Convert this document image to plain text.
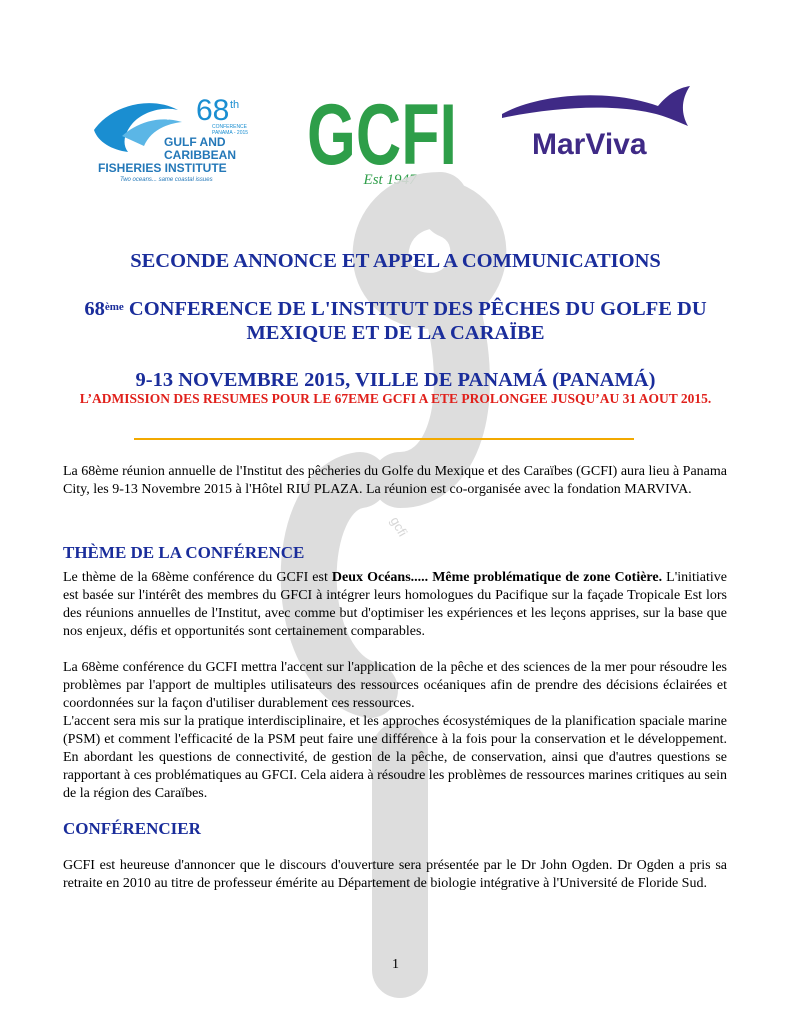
68 th
CONFERENCE
PANAMA - 2015
GULF AND
CARIBBEAN
FISHERIES INSTITUTE
Two oceans... same coastal issues GCFI
Est 1947
MarViva
gcfi
SECONDE ANNONCE ET APPEL A COMMUNICATIONS
68ème CONFERENCE DE L'INSTITUT DES PÊCHES DU GOLFE DU
MEXIQUE ET DE LA CARAÏBE
9-13 NOVEMBRE 2015, VILLE DE PANAMÁ (PANAMÁ)
L’ADMISSION DES RESUMES POUR LE 67EME GCFI A ETE PROLONGEE JUSQU’AU 31 AOUT 2015.

La 68ème réunion annuelle de l'Institut des pêcheries du Golfe du Mexique et des Caraïbes (GCFI) aura lieu à Panama City, les 9-13 Novembre 2015 à l'Hôtel RIU PLAZA. La réunion est co-organisée avec la fondation MARVIVA.

THÈME DE LA CONFÉRENCE

Le thème de la 68ème conférence du GCFI est Deux Océans..... Même problématique de zone Cotière. L'initiative est basée sur l'intérêt des membres du GFCI à intégrer leurs homologues du Pacifique sur la façade Tropicale Est lors des réunions annuelles de l'Institut, avec comme but d'optimiser les expériences et les leçons apprises, sur la base que nos enjeux, défis et opportunités sont certainement comparables.

La 68ème conférence du GCFI mettra l'accent sur l'application de la pêche et des sciences de la mer pour résoudre les problèmes par l'apport de multiples utilisateurs des ressources océaniques afin de prendre des décisions éclairées et coordonnées sur la façon d'utiliser durablement ces ressources.

L'accent sera mis sur la pratique interdisciplinaire, et les approches écosystémiques de la planification spaciale marine (PSM) et comment l'efficacité de la PSM peut faire une différence à la fois pour la conservation et le développement. En abordant les questions de connectivité, de gestion de la pêche, de conservation, ainsi que d'autres questions se rapportant à ces problématiques au GFCI. Cela aidera à résoudre les problèmes de ressources marines critiques au sein de la région des Caraïbes.

CONFÉRENCIER

GCFI est heureuse d'annoncer que le discours d'ouverture sera présentée par le Dr John Ogden. Dr Ogden a pris sa retraite en 2010 au titre de professeur émérite au Département de biologie intégrative à l'Université de Floride Sud.

1
